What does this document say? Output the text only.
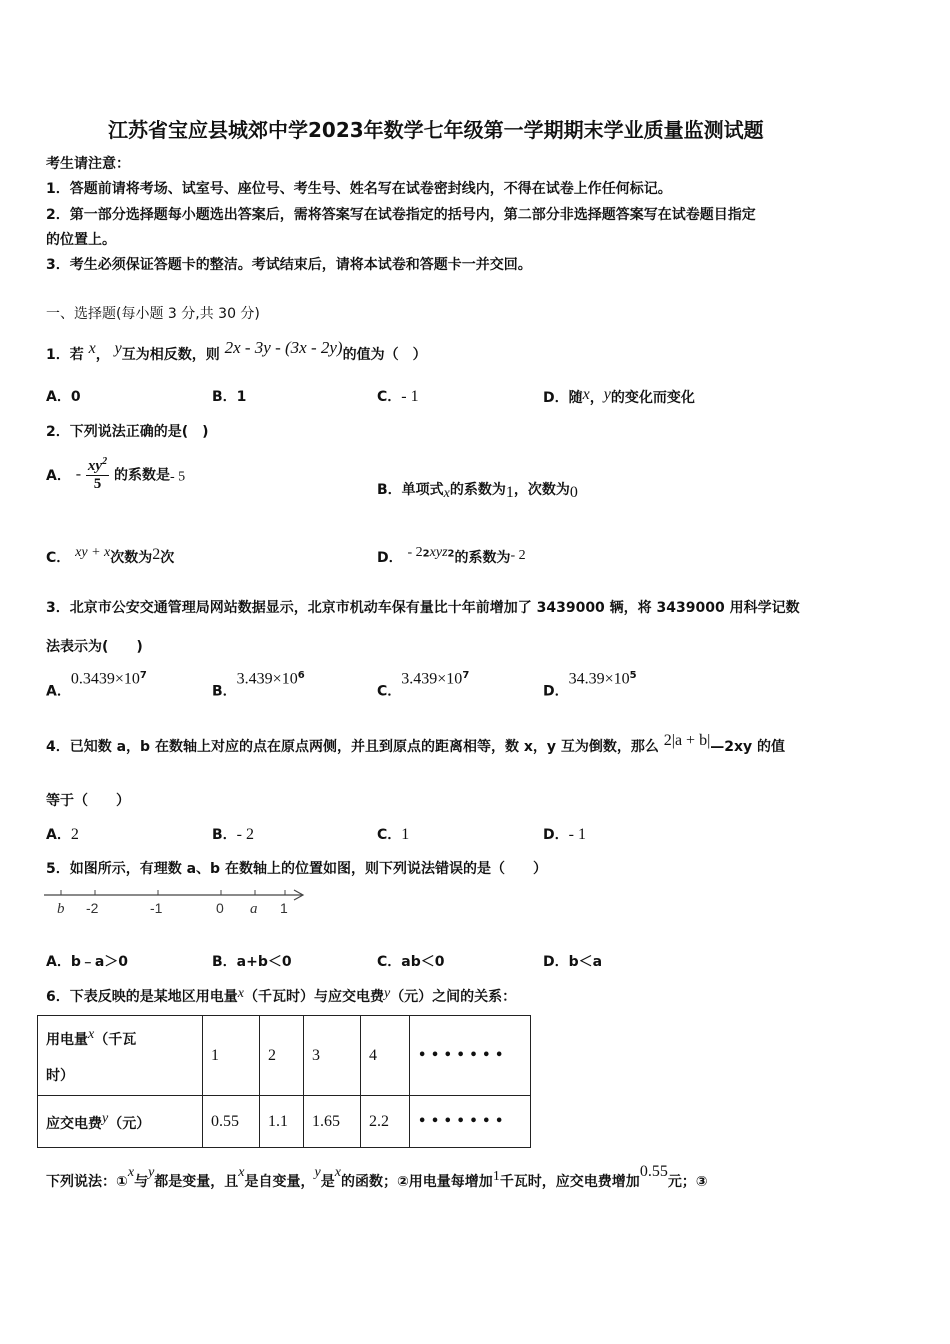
江苏省宝应县城郊中学2023年数学七年级第一学期期末学业质量监测试题
考生请注意：
1．答题前请将考场、试室号、座位号、考生号、姓名写在试卷密封线内，不得在试卷上作任何标记。
2．第一部分选择题每小题选出答案后，需将答案写在试卷指定的括号内，第二部分非选择题答案写在试卷题目指定
的位置上。
3．考生必须保证答题卡的整洁。考试结束后，请将本试卷和答题卡一并交回。
一、选择题(每小题 3 分,共 30 分)
1．若 x， y互为相反数，则 2x - 3y - (3x - 2y)的值为（　）
A．0	B．1	C．- 1	D．随x，y的变化而变化
2．下列说法正确的是(　)
A． - $\frac{xy^2}{5}$ 的系数是- 5
B．单项式x的系数为1，次数为0
C． xy + x次数为2次	D． - $2^2xyz^2$的系数为- 2
3．北京市公安交通管理局网站数据显示，北京市机动车保有量比十年前增加了 3439000 辆，将 3439000 用科学记数
法表示为(　　)
A．$0.3439\times 10^7$
B．$3.439\times 10^6$
C．$3.439\times 10^7$
D．$34.39\times 10^5$
4．已知数 a，b 在数轴上对应的点在原点两侧，并且到原点的距离相等，数 x，y 互为倒数，那么 2|a + b|—2xy 的值
等于（　　）
A．2	B．- 2	C．1	D．- 1
5．如图所示，有理数 a、b 在数轴上的位置如图，则下列说法错误的是（　　）
b -2	-1	0 a 1
A．b﹣a＞0	B．a+b＜0	C．ab＜0	D．b＜a
6．下表反映的是某地区用电量x（千瓦时）与应交电费y（元）之间的关系：
用电量x（千瓦
时）	1	2	3	4	• • • • • • •
应交电费y（元）	0.55	1.1	1.65	2.2	• • • • • • •
下列说法：①x与y都是变量，且x是自变量，y是x的函数；②用电量每增加1千瓦时，应交电费增加0.55元；③
